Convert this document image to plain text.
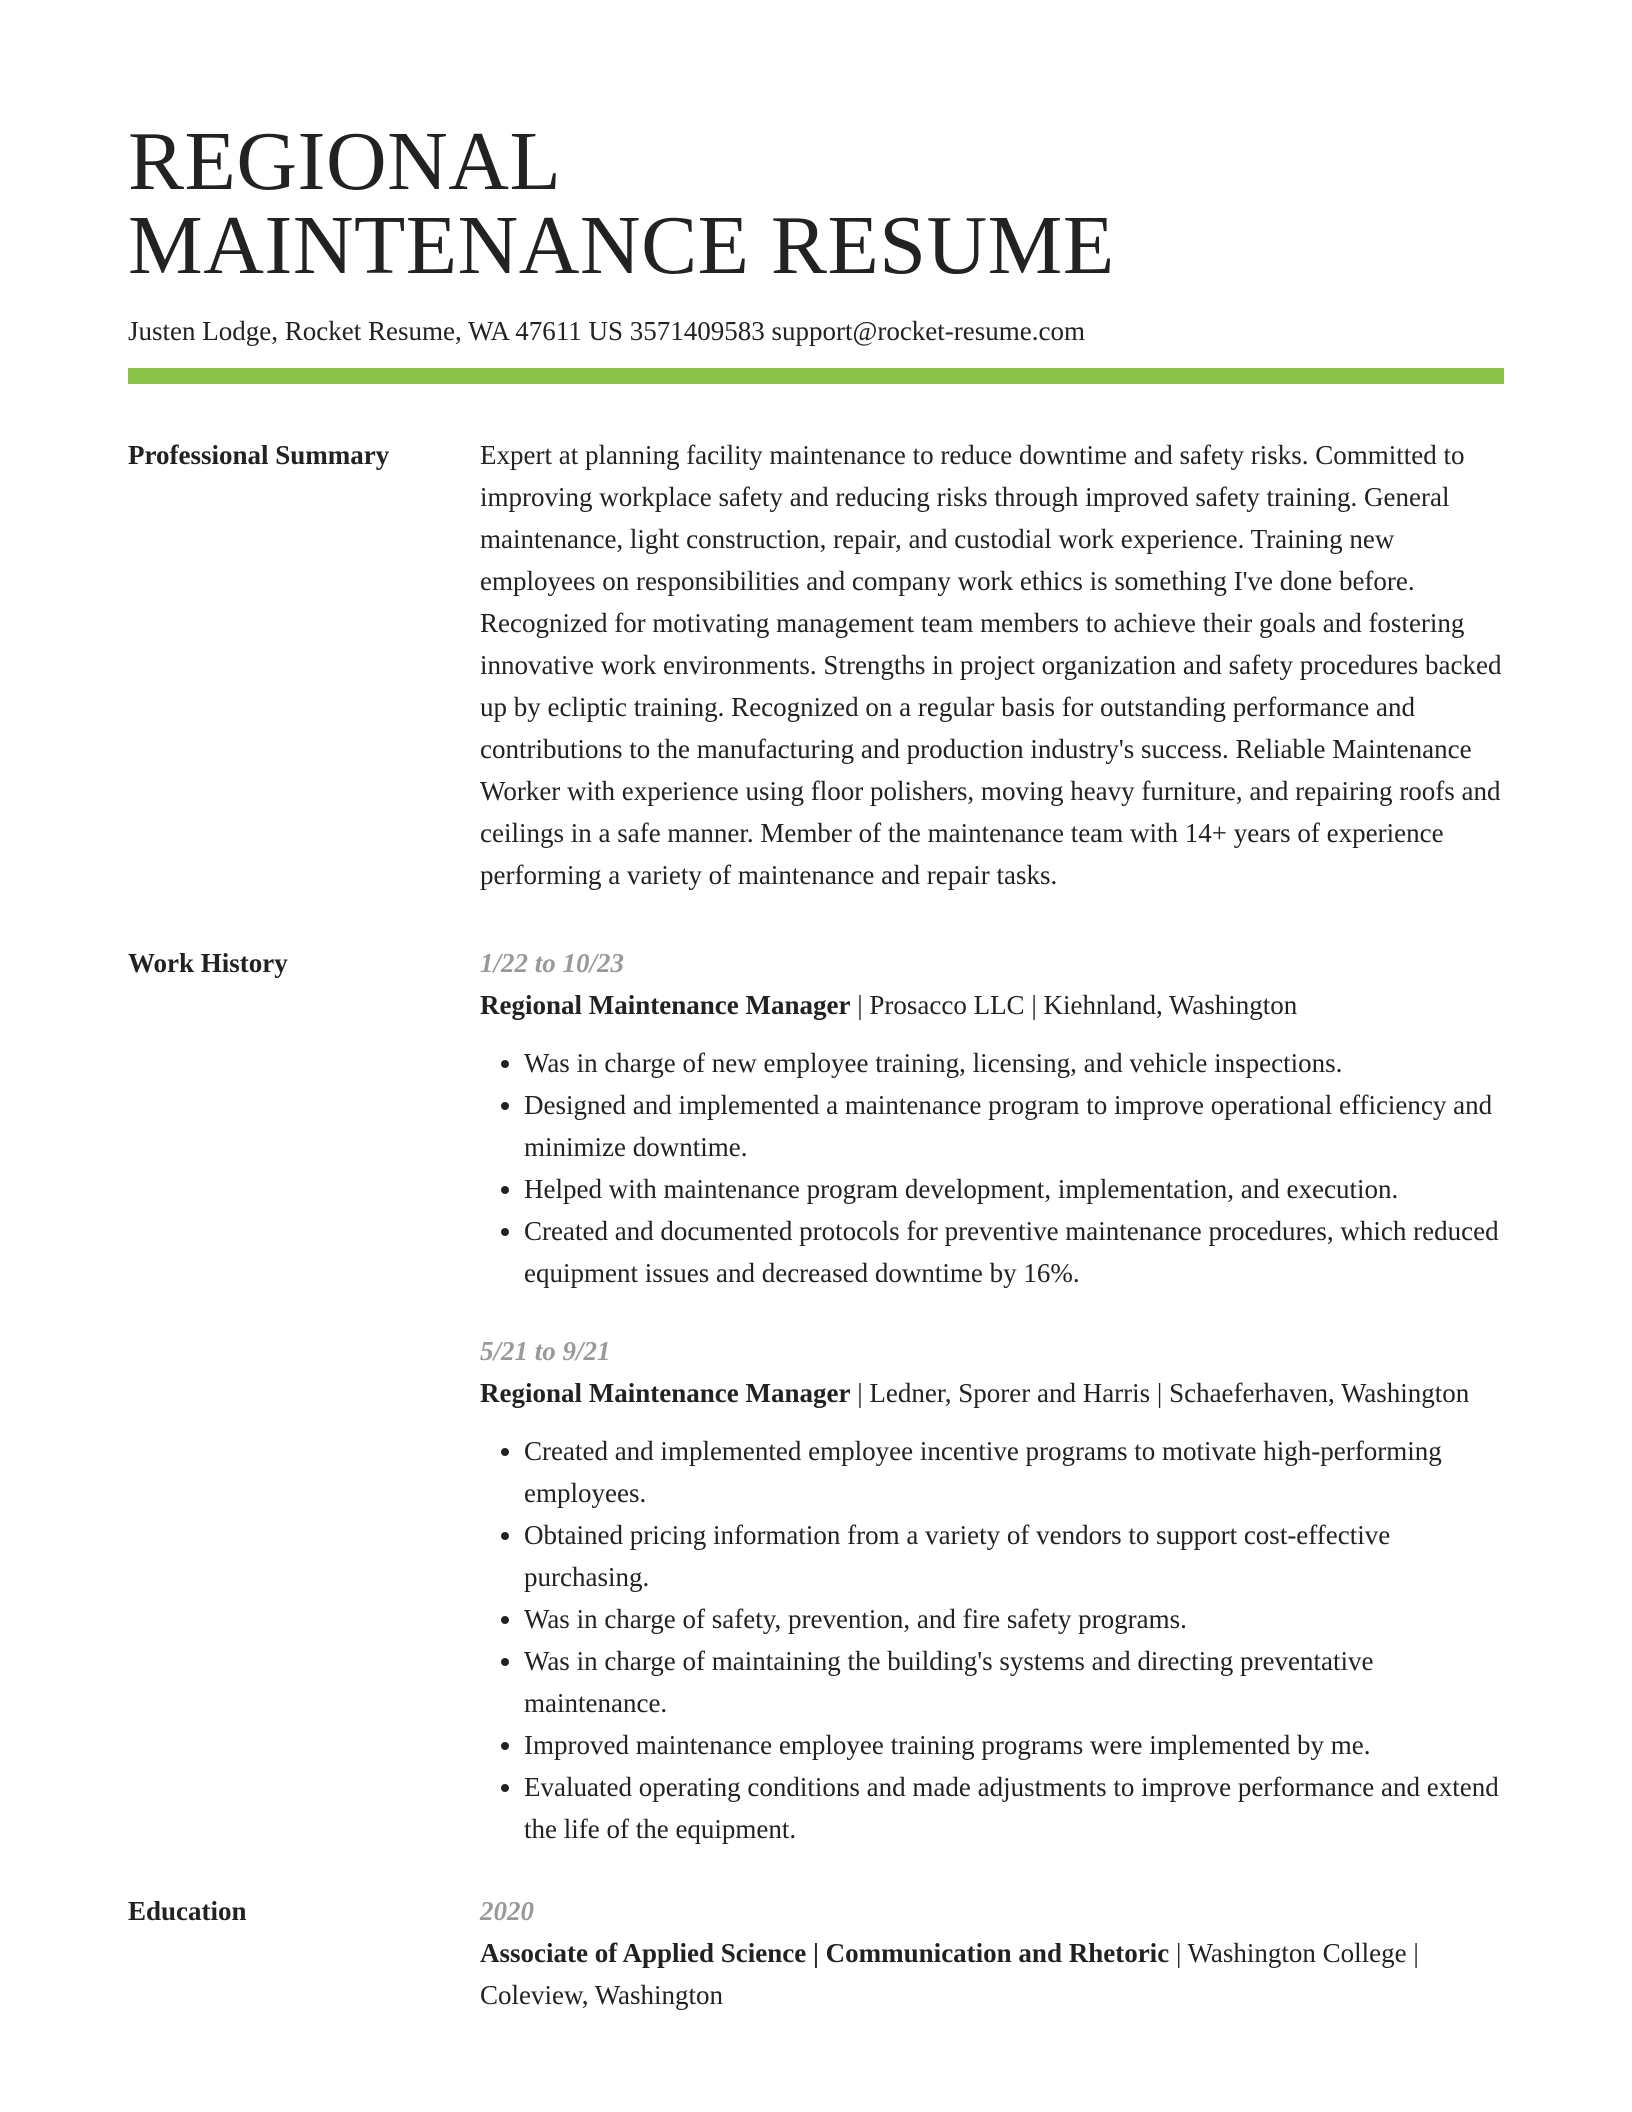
REGIONAL
MAINTENANCE RESUME
Justen Lodge, Rocket Resume, WA 47611 US 3571409583 support@rocket-resume.com
Professional Summary	Expert at planning facility maintenance to reduce downtime and safety risks. Committed to improving workplace safety and reducing risks through improved safety training. General maintenance, light construction, repair, and custodial work experience. Training new employees on responsibilities and company work ethics is something I've done before. Recognized for motivating management team members to achieve their goals and fostering innovative work environments. Strengths in project organization and safety procedures backed up by ecliptic training. Recognized on a regular basis for outstanding performance and contributions to the manufacturing and production industry's success. Reliable Maintenance Worker with experience using floor polishers, moving heavy furniture, and repairing roofs and ceilings in a safe manner. Member of the maintenance team with 14+ years of experience performing a variety of maintenance and repair tasks.

Work History	1/22 to 10/23
Regional Maintenance Manager | Prosacco LLC | Kiehnland, Washington
• Was in charge of new employee training, licensing, and vehicle inspections.
• Designed and implemented a maintenance program to improve operational efficiency and minimize downtime.
• Helped with maintenance program development, implementation, and execution.
• Created and documented protocols for preventive maintenance procedures, which reduced equipment issues and decreased downtime by 16%.
5/21 to 9/21
Regional Maintenance Manager | Ledner, Sporer and Harris | Schaeferhaven, Washington
• Created and implemented employee incentive programs to motivate high-performing employees.
• Obtained pricing information from a variety of vendors to support cost-effective purchasing.
• Was in charge of safety, prevention, and fire safety programs.
• Was in charge of maintaining the building's systems and directing preventative maintenance.
• Improved maintenance employee training programs were implemented by me.
• Evaluated operating conditions and made adjustments to improve performance and extend the life of the equipment.
Education	2020
Associate of Applied Science | Communication and Rhetoric | Washington College | Coleview, Washington
